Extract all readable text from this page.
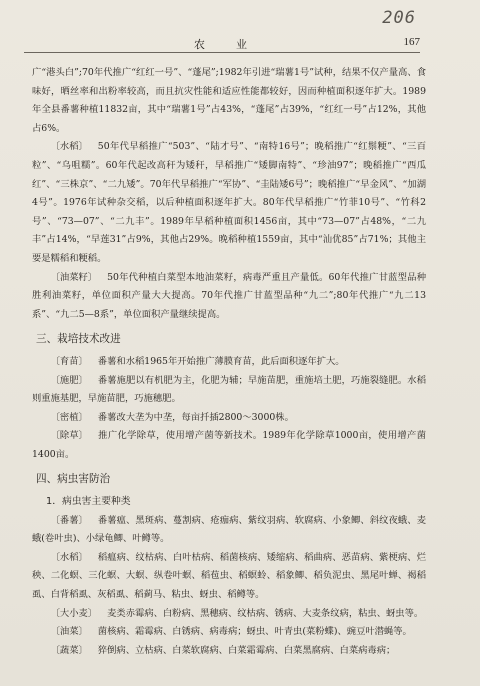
206
农　业	167

广“港头白”;70年代推广“红红一号”、“蓬尾”;1982年引进“瑞薯1号”试种，结果不仅产量高、食味好，晒丝率和出粉率较高，而且抗灾性能和适应性能都较好，因而种植面积逐年扩大。1989年全县番薯种植11832亩，其中“瑞薯1号”占43%，“蓬尾”占39%，“红红一号”占12%，其他占6%。

〔水稻〕 50年代早稻推广“503”、“陆才号”、“南特16号”；晚稻推广“红鬃粳”、“三百粒”、“乌咀糯”。60年代起改高秆为矮秆，早稻推广“矮脚南特”、“珍油97”；晚稻推广“西瓜红”、“三株京”、“二九矮”。70年代早稻推广“军协”、“圭陆矮6号”；晚稻推广“早金风”、“加湖4号”。1976年试种杂交稻，以后种植面积逐年扩大。80年代早稻推广“竹菲10号”、“竹科2号”、“73—07”、“二九丰”。1989年早稻种植面积1456亩，其中“73—07”占48%，“二九丰”占14%，“早莲31”占9%，其他占29%。晚稻种植1559亩，其中“汕优85”占71%；其他主要是糯稻和粳稻。

〔油菜籽〕 50年代种植白菜型本地油菜籽，病毒严重且产量低。60年代推广甘蓝型品种胜利油菜籽，单位面积产量大大提高。70年代推广甘蓝型品种“九二”;80年代推广“九二13系”、“九二5—8系”，单位面积产量继续提高。

三、栽培技术改进

〔育苗〕 番薯和水稻1965年开始推广薄膜育苗，此后面积逐年扩大。

〔施肥〕 番薯施肥以有机肥为主，化肥为辅；早施苗肥，重施培土肥，巧施裂缝肥。水稻则重施基肥，早施苗肥，巧施穗肥。

〔密植〕 番薯改大垄为中垄，每亩扦插2800～3000株。

〔除草〕 推广化学除草，使用增产菌等新技术。1989年化学除草1000亩，使用增产菌1400亩。

四、病虫害防治
1．病虫害主要种类

〔番薯〕 番薯瘟、黑斑病、蔓割病、疮痂病、紫纹羽病、软腐病、小象鲫、斜纹夜蛾、麦蛾(卷叶虫)、小绿龟鲫、叶鳟等。

〔水稻〕 稻瘟病、纹枯病、白叶枯病、稻菌核病、矮缩病、稻曲病、恶苗病、紫梗病、烂秧、二化螟、三化螟、大螟、纵卷叶螟、稻苞虫、稻螟蛉、稻象鲫、稻负泥虫、黑尾叶蝉、褐稻虱、白背稻虱、灰稻虱、稻蓟马、粘虫、蚜虫、稻鳟等。

〔大小麦〕 麦类赤霉病、白粉病、黑穗病、纹枯病、锈病、大麦条纹病，粘虫、蚜虫等。

〔油菜〕 菌核病、霜霉病、白锈病、病毒病；蚜虫、叶青虫(菜粉蝶)、豌豆叶潜蝇等。

〔蔬菜〕 猝倒病、立枯病、白菜软腐病、白菜霜霉病、白菜黑腐病、白菜病毒病；
